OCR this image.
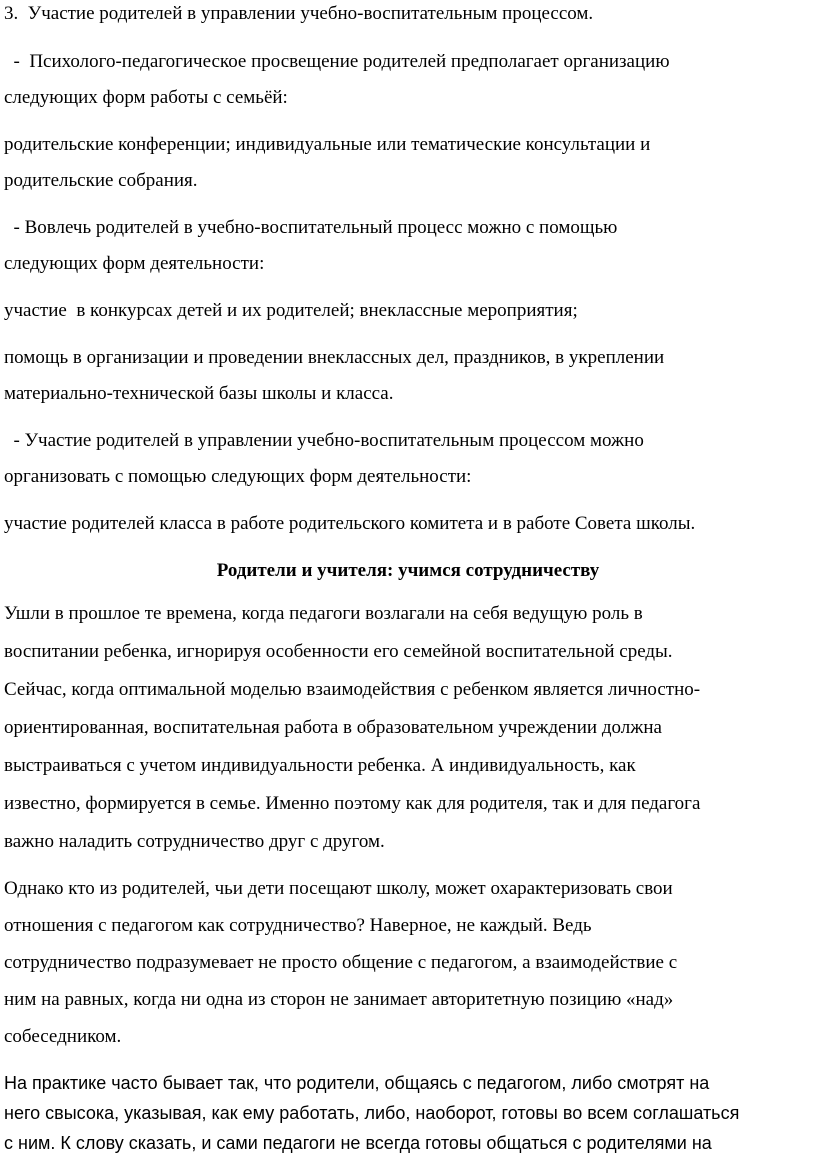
3.  Участие родителей в управлении учебно-воспитательным процессом.
-  Психолого-педагогическое просвещение родителей предполагает организацию
следующих форм работы с семьёй:
родительские конференции; индивидуальные или тематические консультации и
родительские собрания.
- Вовлечь родителей в учебно-воспитательный процесс можно с помощью
следующих форм деятельности:
участие  в конкурсах детей и их родителей; внеклассные мероприятия;
помощь в организации и проведении внеклассных дел, праздников, в укреплении
материально-технической базы школы и класса.
- Участие родителей в управлении учебно-воспитательным процессом можно
организовать с помощью следующих форм деятельности:
участие родителей класса в работе родительского комитета и в работе Совета школы.
Родители и учителя: учимся сотрудничеству
Ушли в прошлое те времена, когда педагоги возлагали на себя ведущую роль в
воспитании ребенка, игнорируя особенности его семейной воспитательной среды.
Сейчас, когда оптимальной моделью взаимодействия с ребенком является личностно-
ориентированная, воспитательная работа в образовательном учреждении должна
выстраиваться с учетом индивидуальности ребенка. А индивидуальность, как
известно, формируется в семье. Именно поэтому как для родителя, так и для педагога
важно наладить сотрудничество друг с другом.
Однако кто из родителей, чьи дети посещают школу, может охарактеризовать свои
отношения с педагогом как сотрудничество? Наверное, не каждый. Ведь
сотрудничество подразумевает не просто общение с педагогом, а взаимодействие с
ним на равных, когда ни одна из сторон не занимает авторитетную позицию «над»
собеседником.
На практике часто бывает так, что родители, общаясь с педагогом, либо смотрят на
него свысока, указывая, как ему работать, либо, наоборот, готовы во всем соглашаться
с ним. К слову сказать, и сами педагоги не всегда готовы общаться с родителями на
